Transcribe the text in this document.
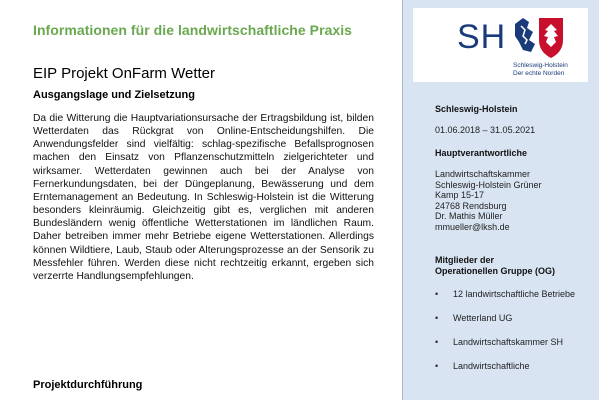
Informationen für die landwirtschaftliche Praxis
EIP Projekt OnFarm Wetter
Ausgangslage und Zielsetzung
Da die Witterung die Hauptvariationsursache der Ertragsbildung ist, bilden Wetterdaten das Rückgrat von Online-Entscheidungshilfen. Die Anwendungsfelder sind vielfältig: schlag-spezifische Befallsprognosen machen den Einsatz von Pflanzenschutzmitteln zielgerichteter und wirksamer. Wetterdaten gewinnen auch bei der Analyse von Fernerkundungsdaten, bei der Düngeplanung, Bewässerung und dem Erntemanagement an Bedeutung. In Schleswig-Holstein ist die Witterung besonders kleinräumig. Gleichzeitig gibt es, verglichen mit anderen Bundesländern wenig öffentliche Wetterstationen im ländlichen Raum. Daher betreiben immer mehr Betriebe eigene Wetterstationen. Allerdings können Wildtiere, Laub, Staub oder Alterungsprozesse an der Sensorik zu Messfehler führen. Werden diese nicht rechtzeitig erkannt, ergeben sich verzerrte Handlungsempfehlungen.
Projektdurchführung
SH
Schleswig-Holstein
Der echte Norden
Schleswig-Holstein
01.06.2018 – 31.05.2021
Hauptverantwortliche
Landwirtschaftskammer
Schleswig-Holstein Grüner
Kamp 15-17
24768 Rendsburg
Dr. Mathis Müller
mmueller@lksh.de
Mitglieder der
Operationellen Gruppe (OG)
• 12 landwirtschaftliche Betriebe
• Wetterland UG
• Landwirtschaftskammer SH
• Landwirtschaftliche
